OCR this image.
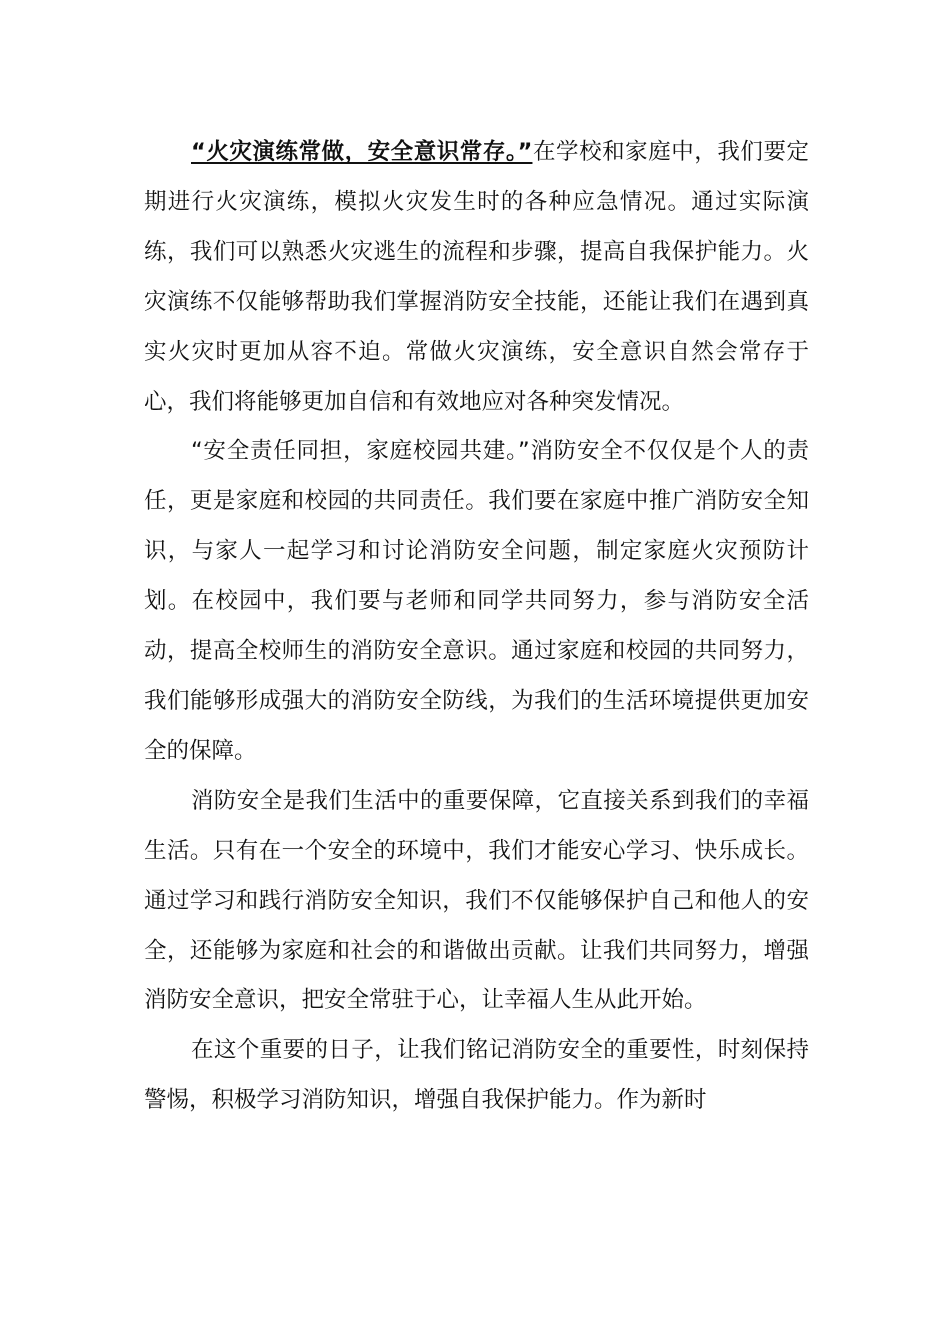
“火灾演练常做，安全意识常存。”在学校和家庭中，我们要定期进行火灾演练，模拟火灾发生时的各种应急情况。通过实际演练，我们可以熟悉火灾逃生的流程和步骤，提高自我保护能力。火灾演练不仅能够帮助我们掌握消防安全技能，还能让我们在遇到真实火灾时更加从容不迫。常做火灾演练，安全意识自然会常存于心，我们将能够更加自信和有效地应对各种突发情况。

“安全责任同担，家庭校园共建。”消防安全不仅仅是个人的责任，更是家庭和校园的共同责任。我们要在家庭中推广消防安全知识，与家人一起学习和讨论消防安全问题，制定家庭火灾预防计划。在校园中，我们要与老师和同学共同努力，参与消防安全活动，提高全校师生的消防安全意识。通过家庭和校园的共同努力，我们能够形成强大的消防安全防线，为我们的生活环境提供更加安全的保障。

消防安全是我们生活中的重要保障，它直接关系到我们的幸福生活。只有在一个安全的环境中，我们才能安心学习、快乐成长。通过学习和践行消防安全知识，我们不仅能够保护自己和他人的安全，还能够为家庭和社会的和谐做出贡献。让我们共同努力，增强消防安全意识，把安全常驻于心，让幸福人生从此开始。

在这个重要的日子，让我们铭记消防安全的重要性，时刻保持警惕，积极学习消防知识，增强自我保护能力。作为新时
